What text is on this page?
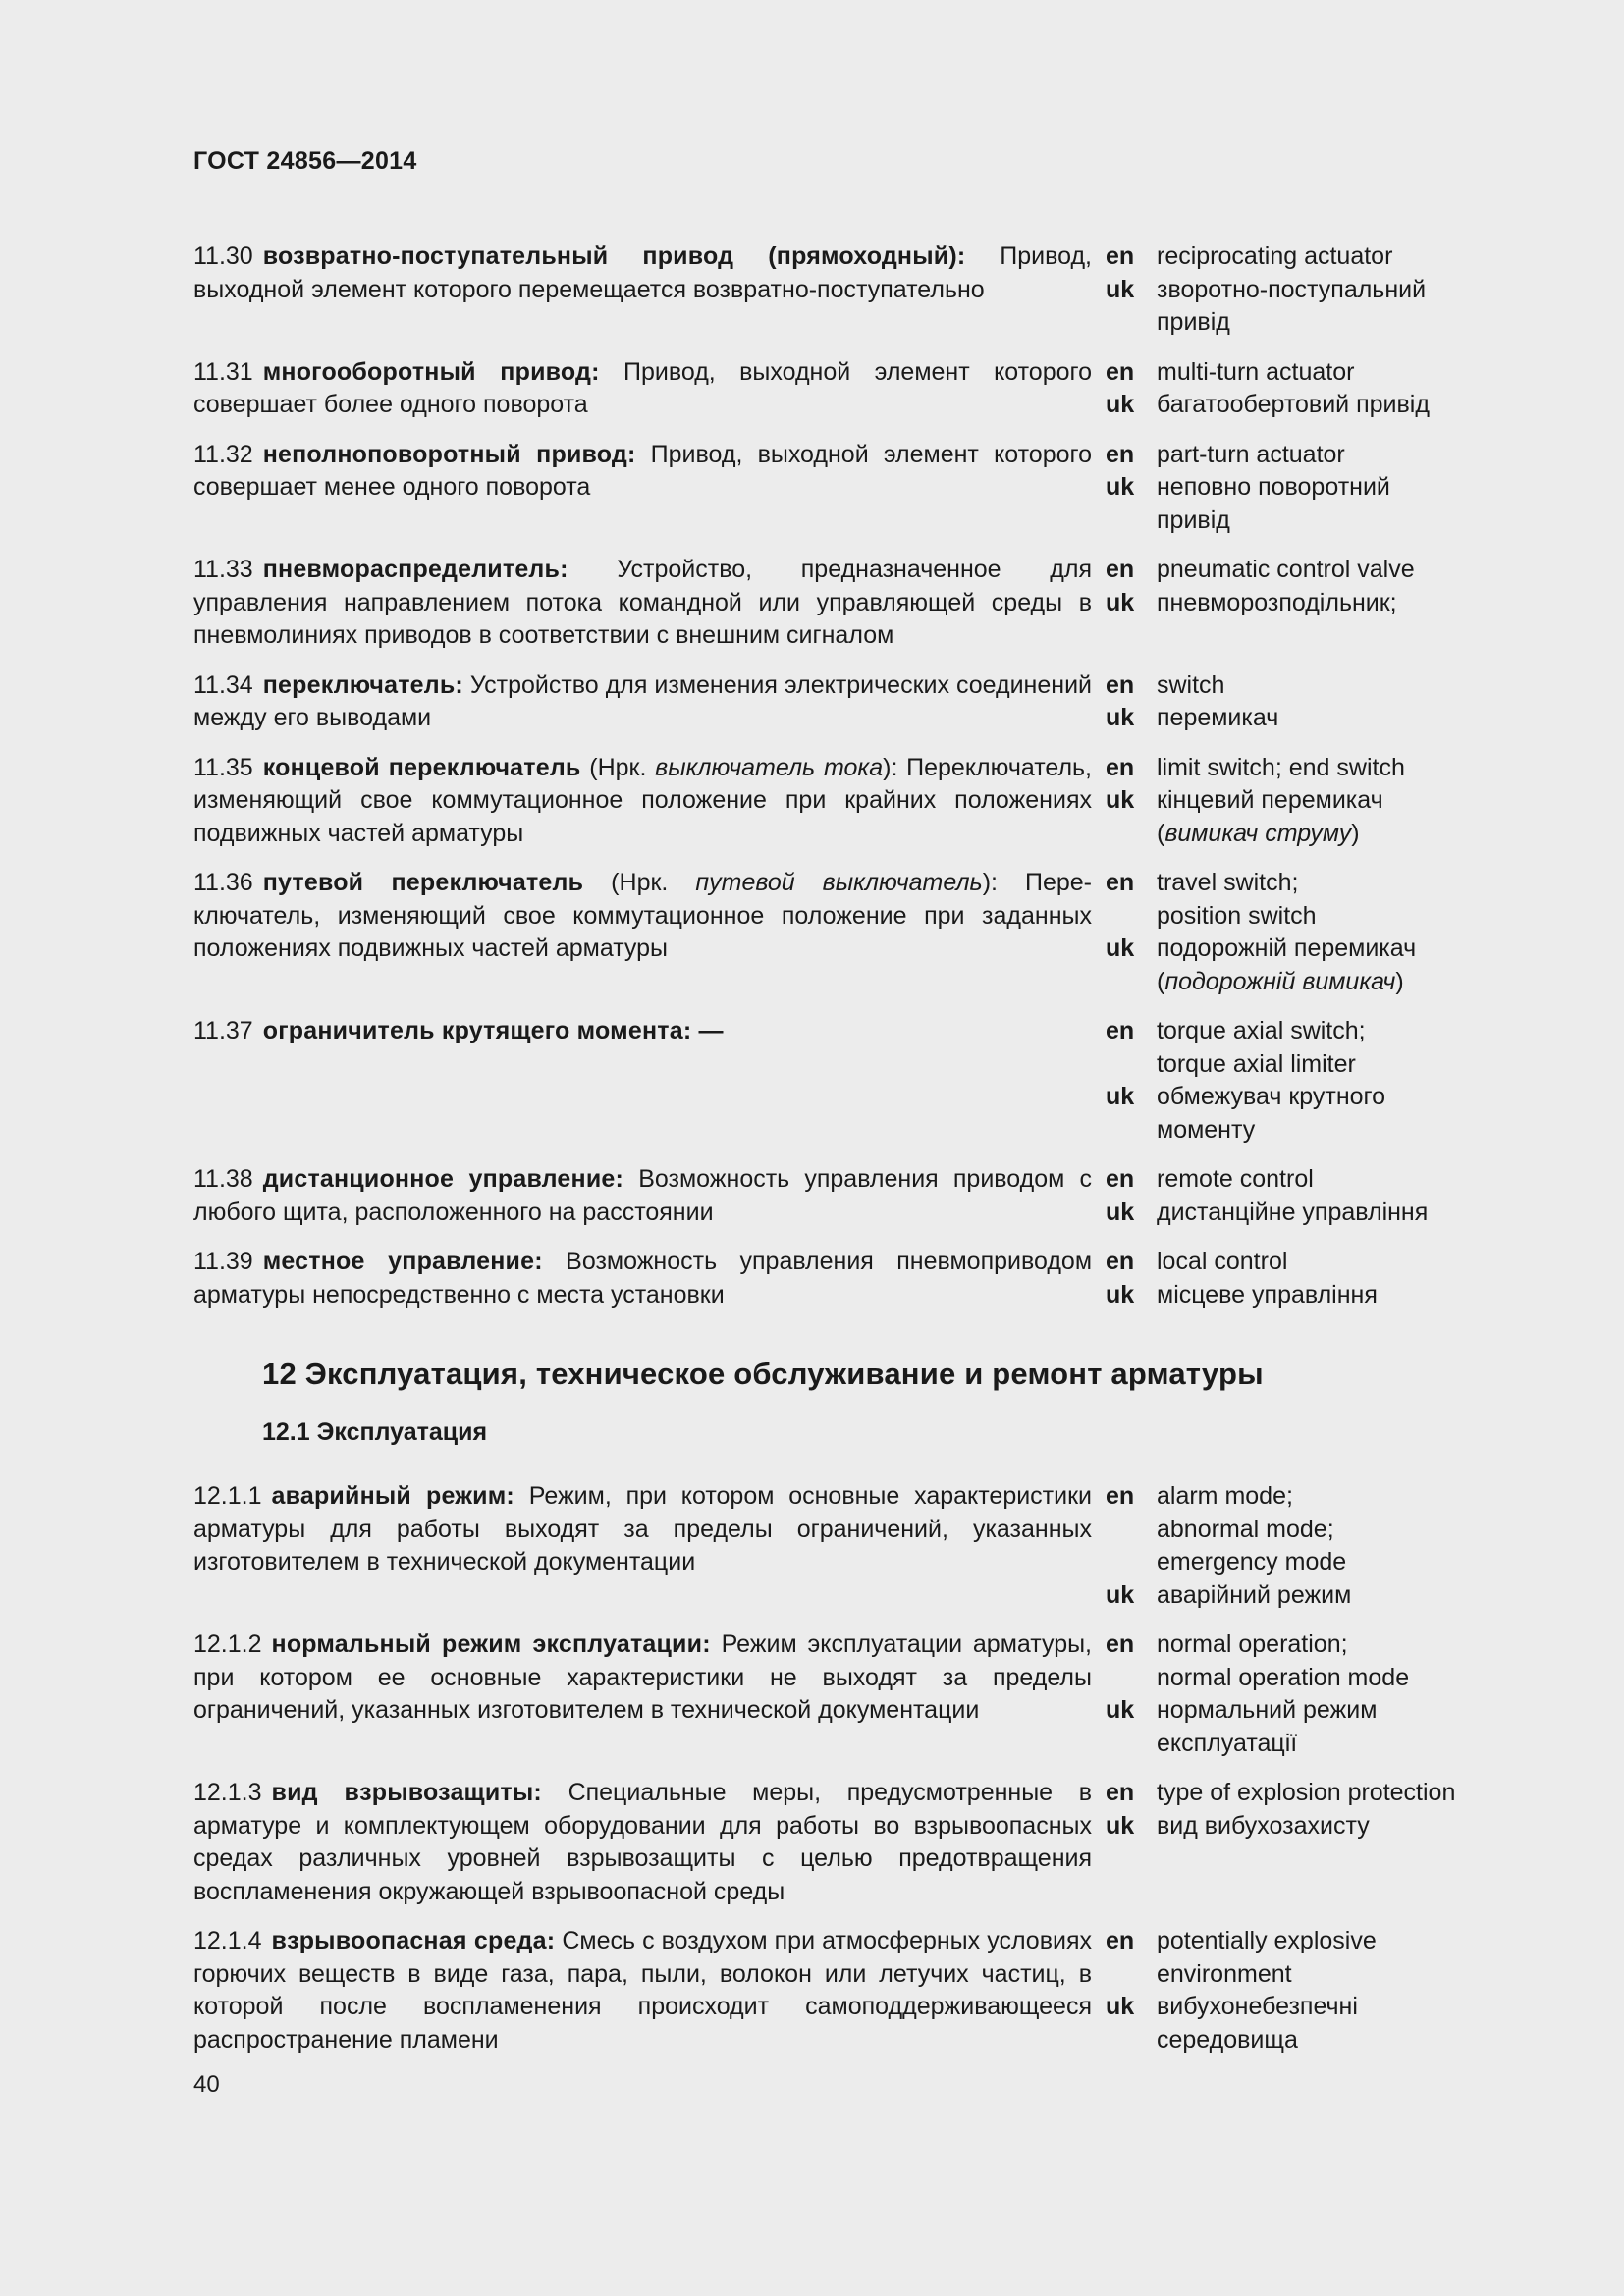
ГОСТ 24856—2014
11.30 возвратно-поступательный привод (прямоходный): Привод, выходной элемент которого перемещается возвратно-поступательно
en
uk
reciprocating actuator
зворотно-поступальний
привід
11.31 многооборотный привод: Привод, выходной элемент которого совершает более одного поворота
en
uk
multi-turn actuator
багатообертовий привід
11.32 неполноповоротный привод: Привод, выходной элемент которого совершает менее одного поворота
en
uk
part-turn actuator
неповно поворотний
привід
11.33 пневмораспределитель: Устройство, предназначенное для управления направлением потока командной или управляющей среды в пневмолиниях приводов в соответствии с внешним сигналом
en
uk
pneumatic control valve
пневморозподільник;
11.34 переключатель: Устройство для изменения электрических соединений между его выводами
en
uk
switch
перемикач
11.35 концевой переключатель (Нрк. выключатель тока): Переключатель, изменяющий свое коммутационное положение при крайних положениях подвижных частей арматуры
en
uk
limit switch; end switch
кінцевий перемикач
(вимикач струму)
11.36 путевой переключатель (Нрк. путевой выключатель): Переключатель, изменяющий свое коммутационное положение при заданных положениях подвижных частей арматуры
en
uk
travel switch;
position switch
подорожній перемикач
(подорожній вимикач)
11.37 ограничитель крутящего момента: —	en
uk
torque axial switch;
torque axial limiter
обмежувач крутного
моменту
11.38 дистанционное управление: Возможность управления приводом с любого щита, расположенного на расстоянии
en
uk
remote control
дистанційне управління
11.39 местное управление: Возможность управления пневмоприводом арматуры непосредственно с места установки
en
uk
local control
місцеве управління
12 Эксплуатация, техническое обслуживание и ремонт арматуры
12.1 Эксплуатация
12.1.1 аварийный режим: Режим, при котором основные характеристики арматуры для работы выходят за пределы ограничений, указанных изготовителем в технической документации
en
uk
alarm mode;
abnormal mode;
emergency mode
аварійний режим
12.1.2 нормальный режим эксплуатации: Режим эксплуатации арматуры, при котором ее основные характеристики не выходят за пределы ограничений, указанных изготовителем в технической документации
en
uk
normal operation;
normal operation mode
нормальний режим
експлуатації
12.1.3 вид взрывозащиты: Специальные меры, предусмотренные в арматуре и комплектующем оборудовании для работы во взрывоопасных средах различных уровней взрывозащиты с целью предотвращения воспламенения окружающей взрывоопасной среды
en
uk
type of explosion protection
вид вибухозахисту
12.1.4 взрывоопасная среда: Смесь с воздухом при атмосферных условиях горючих веществ в виде газа, пара, пыли, волокон или летучих частиц, в которой после воспламенения происходит самоподдерживающееся распространение пламени
en
uk
potentially explosive
environment
вибухонебезпечні
середовища
40
